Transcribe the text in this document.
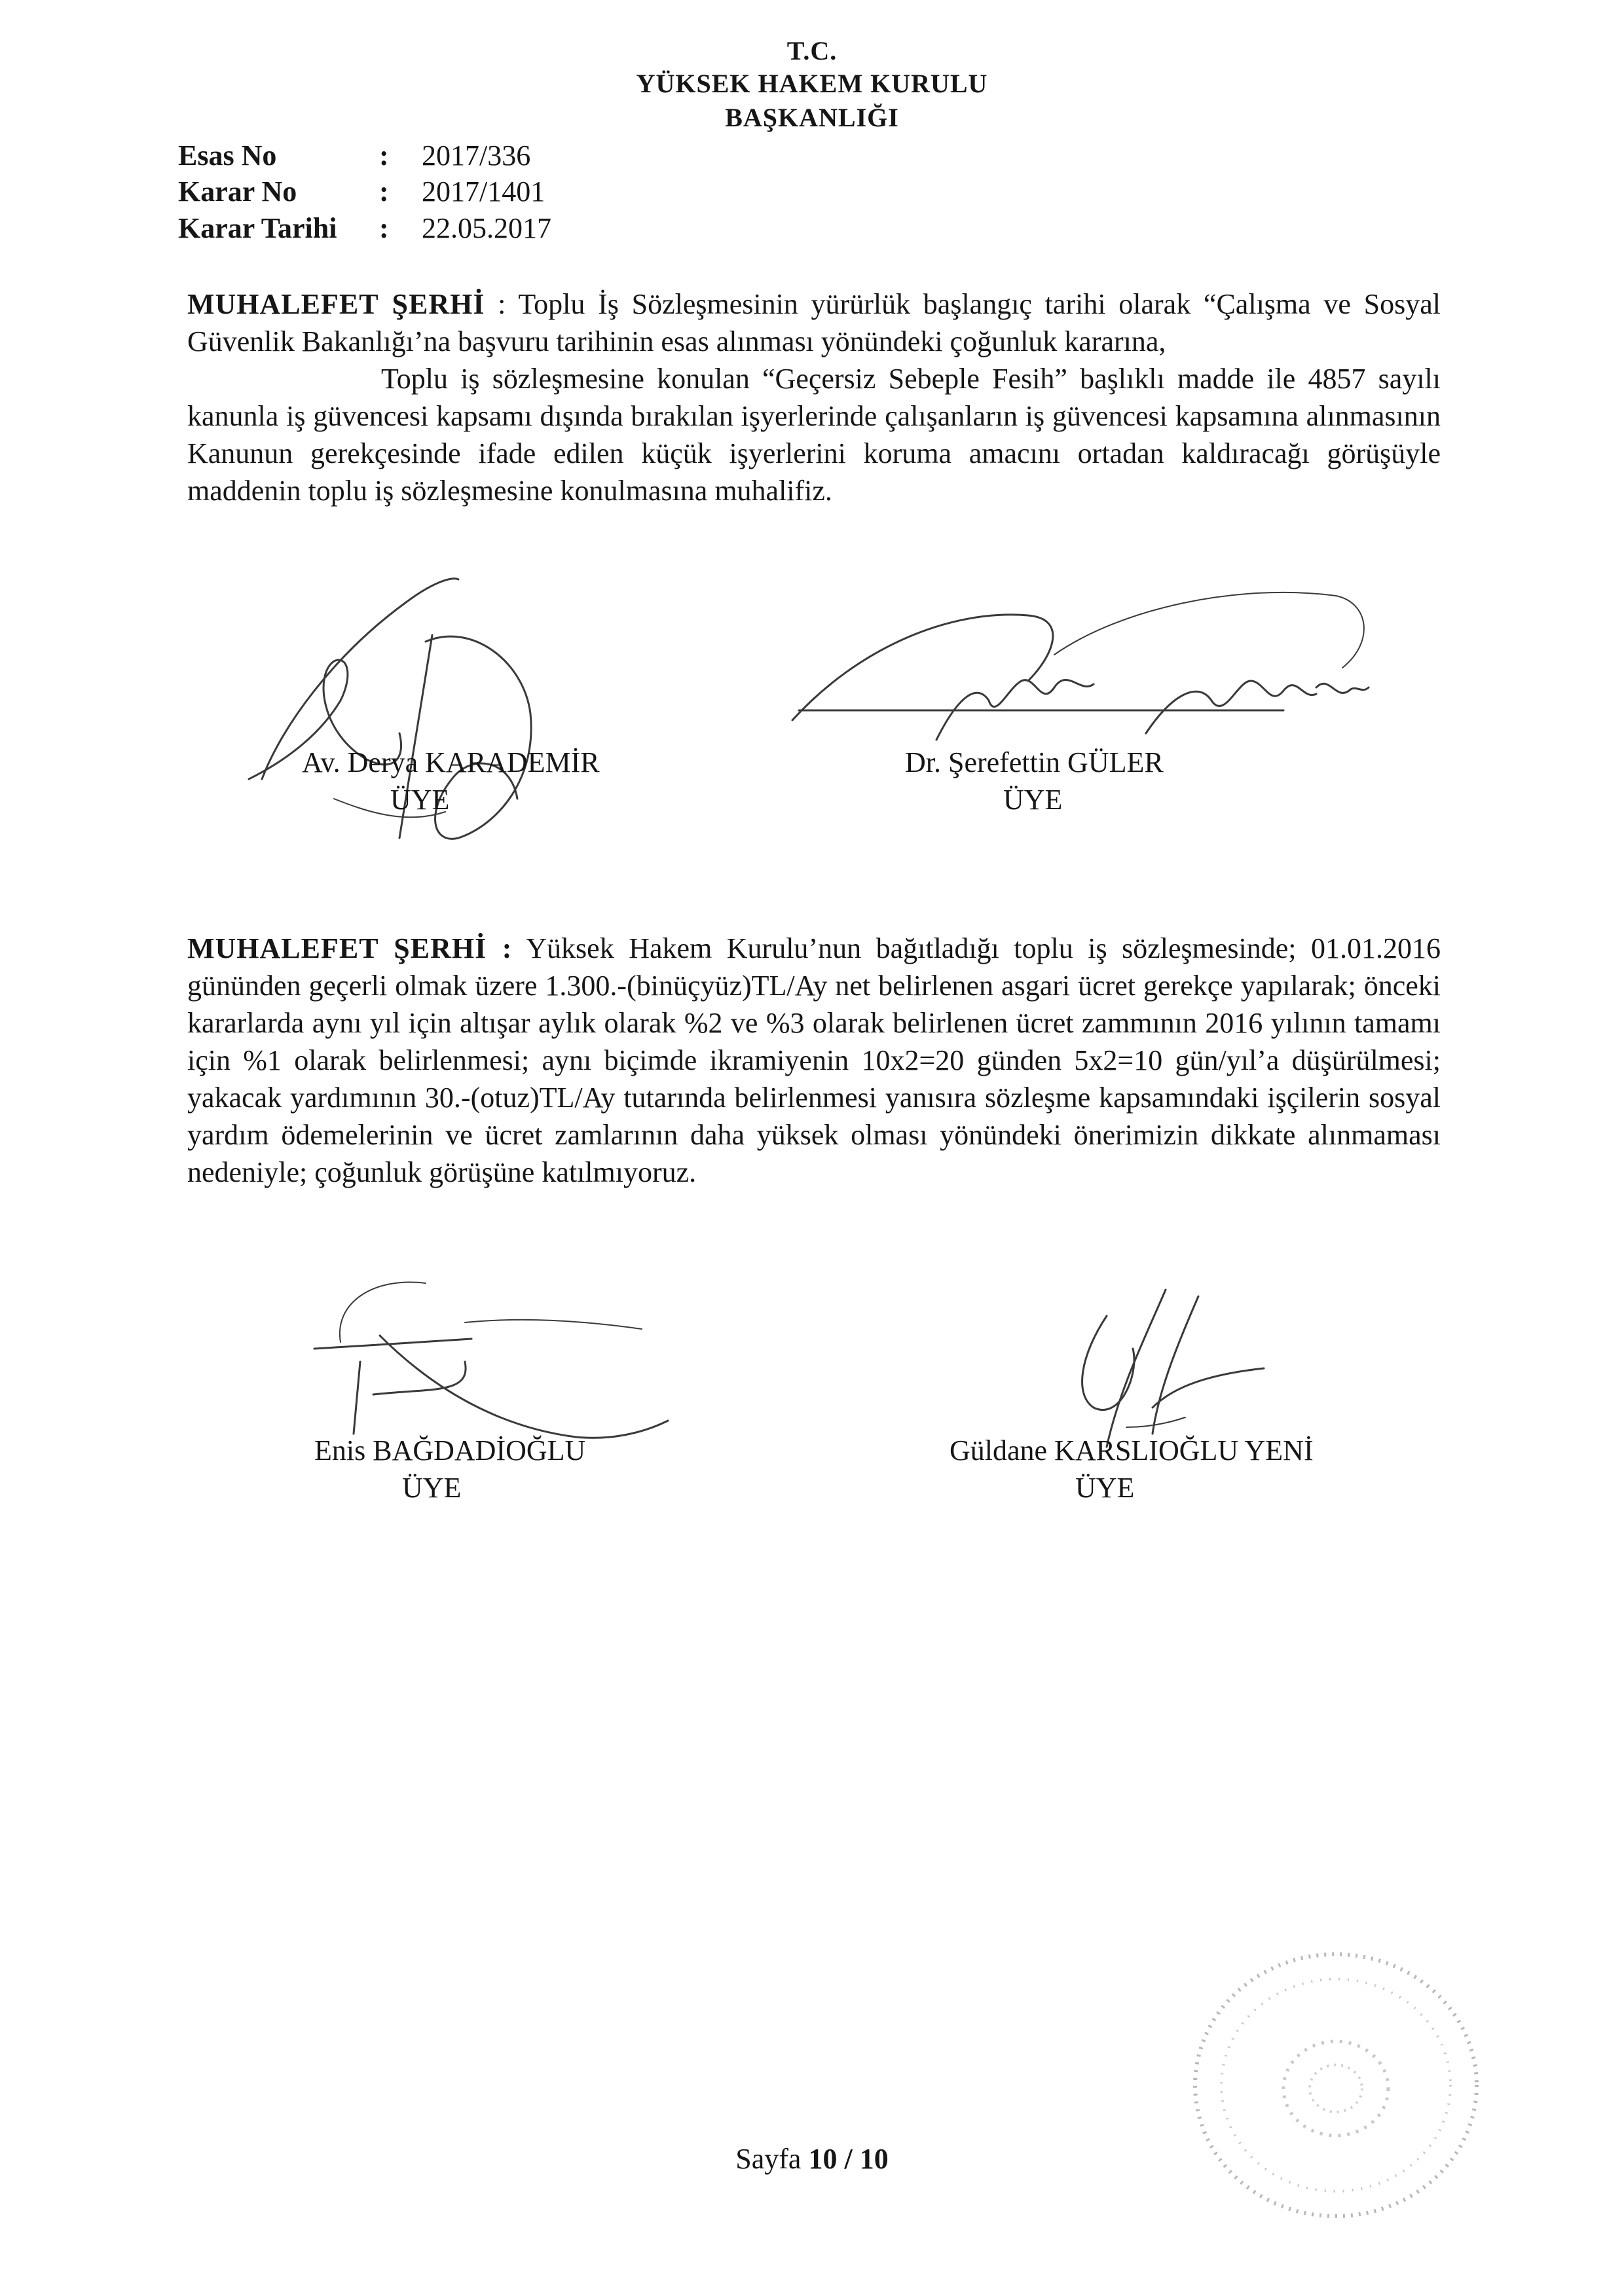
T.C.
YÜKSEK HAKEM KURULU
BAŞKANLIĞI
Esas No	: 2017/336
Karar No	: 2017/1401
Karar Tarihi : 22.05.2017
MUHALEFET ŞERHİ : Toplu İş Sözleşmesinin yürürlük başlangıç tarihi olarak “Çalışma ve Sosyal Güvenlik Bakanlığı’na başvuru tarihinin esas alınması yönündeki çoğunluk kararına,
Toplu iş sözleşmesine konulan “Geçersiz Sebeple Fesih” başlıklı madde ile 4857 sayılı kanunla iş güvencesi kapsamı dışında bırakılan işyerlerinde çalışanların iş güvencesi kapsamına alınmasının Kanunun gerekçesinde ifade edilen küçük işyerlerini koruma amacını ortadan kaldıracağı görüşüyle maddenin toplu iş sözleşmesine konulmasına muhalifiz.
Av. Derya KARADEMİR
ÜYE
Dr. Şerefettin GÜLER
ÜYE
MUHALEFET ŞERHİ : Yüksek Hakem Kurulu’nun bağıtladığı toplu iş sözleşmesinde; 01.01.2016 gününden geçerli olmak üzere 1.300.-(binüçyüz)TL/Ay net belirlenen asgari ücret gerekçe yapılarak; önceki kararlarda aynı yıl için altışar aylık olarak %2 ve %3 olarak belirlenen ücret zammının 2016 yılının tamamı için %1 olarak belirlenmesi; aynı biçimde ikramiyenin 10x2=20 günden 5x2=10 gün/yıl’a düşürülmesi; yakacak yardımının 30.-(otuz)TL/Ay tutarında belirlenmesi yanısıra sözleşme kapsamındaki işçilerin sosyal yardım ödemelerinin ve ücret zamlarının daha yüksek olması yönündeki önerimizin dikkate alınmaması nedeniyle; çoğunluk görüşüne katılmıyoruz.
Enis BAĞDADİOĞLU
ÜYE
Güldane KARSLIOĞLU YENİ
ÜYE
Sayfa 10 / 10
